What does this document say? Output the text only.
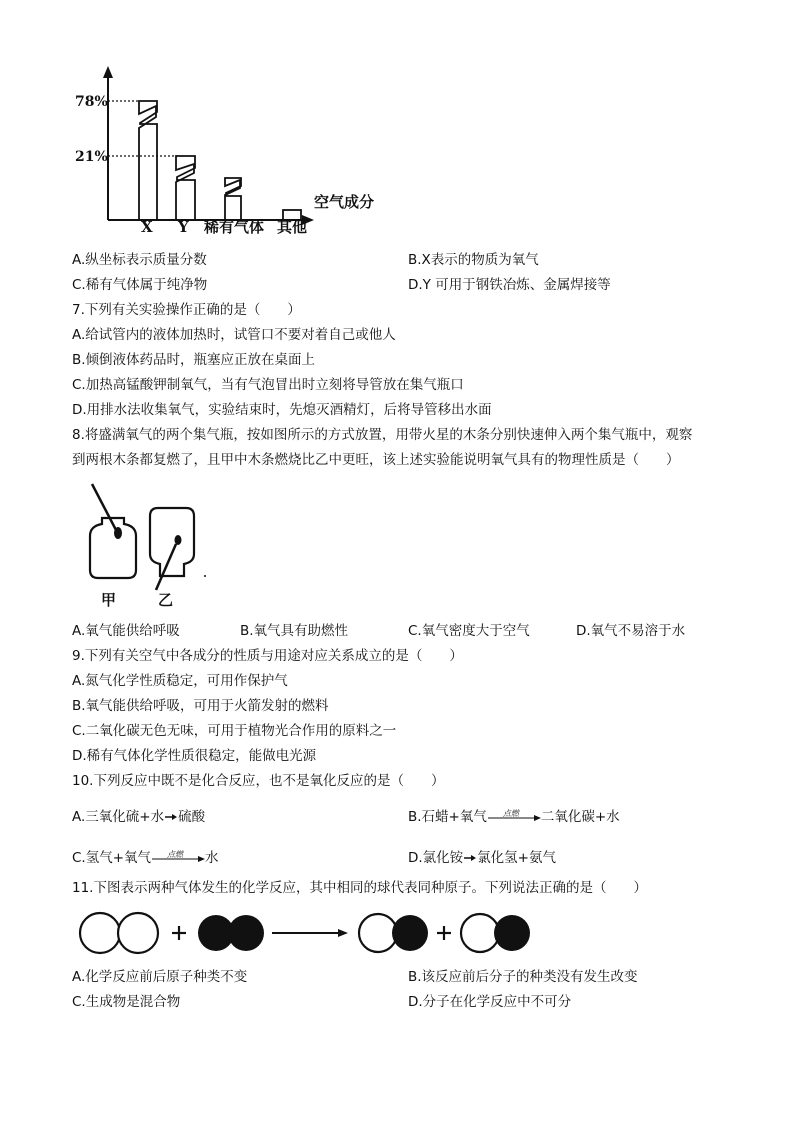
78%
21%
X Y 稀有气体 其他
空气成分
A.纵坐标表示质量分数	B.X表示的物质为氧气
C.稀有气体属于纯净物	D.Y 可用于钢铁冶炼、金属焊接等
7.下列有关实验操作正确的是（　　）
A.给试管内的液体加热时，试管口不要对着自己或他人
B.倾倒液体药品时，瓶塞应正放在桌面上
C.加热高锰酸钾制氧气，当有气泡冒出时立刻将导管放在集气瓶口
D.用排水法收集氧气，实验结束时，先熄灭酒精灯，后将导管移出水面
8.将盛满氧气的两个集气瓶，按如图所示的方式放置，用带火星的木条分别快速伸入两个集气瓶中，观察
到两根木条都复燃了，且甲中木条燃烧比乙中更旺，该上述实验能说明氧气具有的物理性质是（　　）
甲	乙
A.氧气能供给呼吸	B.氧气具有助燃性	C.氧气密度大于空气	D.氧气不易溶于水
9.下列有关空气中各成分的性质与用途对应关系成立的是（　　）
A.氮气化学性质稳定，可用作保护气
B.氧气能供给呼吸，可用于火箭发射的燃料
C.二氧化碳无色无味，可用于植物光合作用的原料之一
D.稀有气体化学性质很稳定，能做电光源
10.下列反应中既不是化合反应，也不是氧化反应的是（　　）
A.三氧化硫+水 硫酸	B.石蜡+氧气 点燃 二氧化碳+水
C.氢气+氧气 点燃 水	D.氯化铵 氯化氢+氨气
11.下图表示两种气体发生的化学反应，其中相同的球代表同种原子。下列说法正确的是（　　）
A.化学反应前后原子种类不变	B.该反应前后分子的种类没有发生改变
C.生成物是混合物	D.分子在化学反应中不可分
